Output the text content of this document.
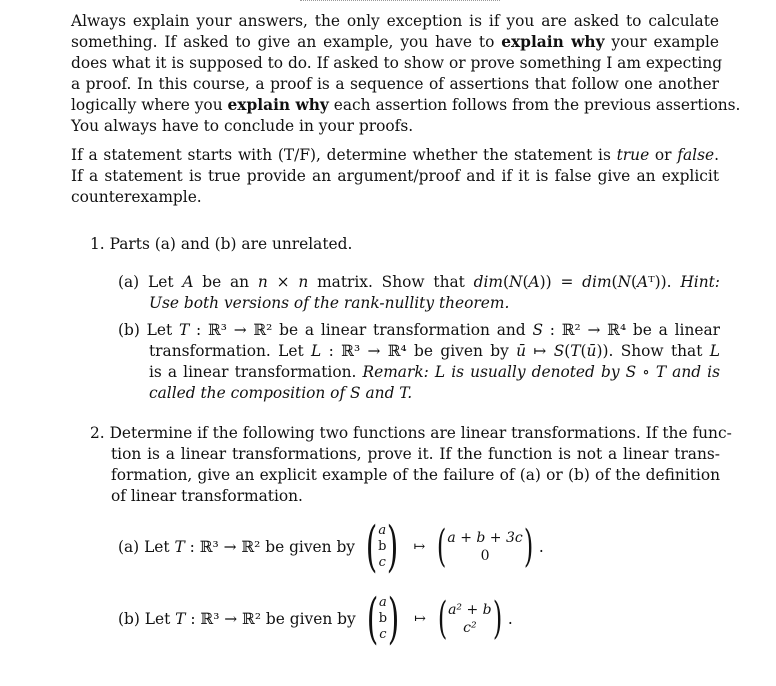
Always explain your answers, the only exception is if you are asked to calculate
something. If asked to give an example, you have to explain why your example
does what it is supposed to do. If asked to show or prove something I am expecting
a proof. In this course, a proof is a sequence of assertions that follow one another
logically where you explain why each assertion follows from the previous assertions.
You always have to conclude in your proofs.
If a statement starts with (T/F), determine whether the statement is true or false.
If a statement is true provide an argument/proof and if it is false give an explicit
counterexample.
1. Parts (a) and (b) are unrelated.
(a) Let A be an n × n matrix. Show that dim(N(A)) = dim(N(Aᵀ)). Hint:
Use both versions of the rank-nullity theorem.
(b) Let T : ℝ³ → ℝ² be a linear transformation and S : ℝ² → ℝ⁴ be a linear
transformation. Let L : ℝ³ → ℝ⁴ be given by ū ↦ S(T(ū)). Show that L
is a linear transformation. Remark: L is usually denoted by S ∘ T and is
called the composition of S and T.
2. Determine if the following two functions are linear transformations. If the func-
tion is a linear transformations, prove it. If the function is not a linear trans-
formation, give an explicit example of the failure of (a) or (b) of the definition
of linear transformation.
(a) Let T : ℝ³ → ℝ² be given by ( a
b
c ) ↦ ( a + b + 3c
0 ) .
(b) Let T : ℝ³ → ℝ² be given by ( a
b
c ) ↦ ( a² + b
c² ) .
